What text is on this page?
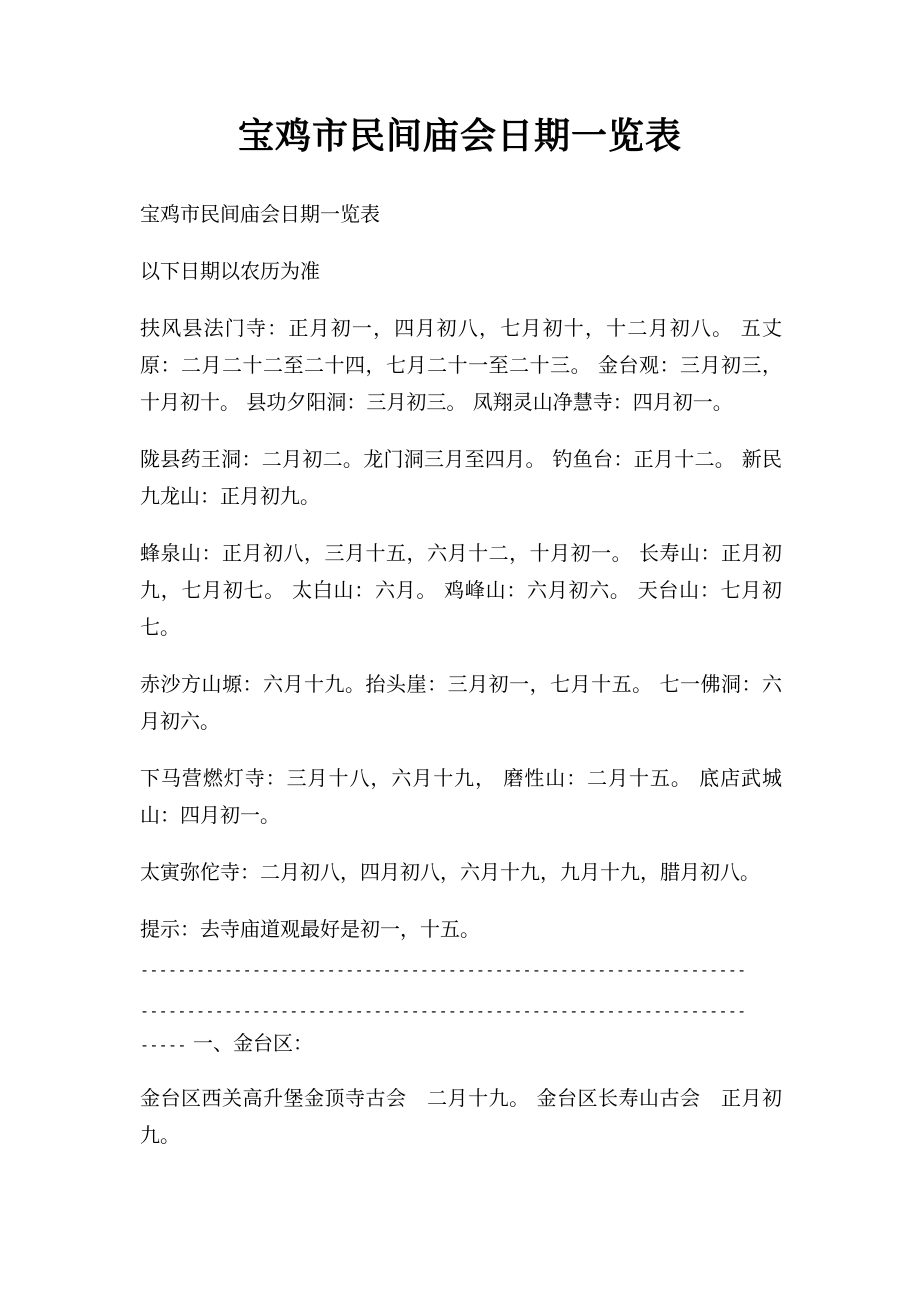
宝鸡市民间庙会日期一览表

宝鸡市民间庙会日期一览表

以下日期以农历为准

扶风县法门寺：正月初一，四月初八，七月初十，十二月初八。 五丈原：二月二十二至二十四，七月二十一至二十三。 金台观：三月初三，十月初十。 县功夕阳洞：三月初三。 凤翔灵山净慧寺：四月初一。

陇县药王洞：二月初二。龙门洞三月至四月。 钓鱼台：正月十二。 新民九龙山：正月初九。

蜂泉山：正月初八，三月十五，六月十二，十月初一。 长寿山：正月初九，七月初七。 太白山：六月。 鸡峰山：六月初六。 天台山：七月初七。

赤沙方山塬：六月十九。抬头崖：三月初一，七月十五。 七一佛洞：六月初六。

下马营燃灯寺：三月十八，六月十九， 磨性山：二月十五。 底店武城山：四月初一。

太寅弥佗寺：二月初八，四月初八，六月十九，九月十九，腊月初八。

提示：去寺庙道观最好是初一，十五。

-----------------------------------------------------------------
-----------------------------------------------------------------
----- 一、金台区：

金台区西关高升堡金顶寺古会　二月十九。 金台区长寿山古会　正月初九。
